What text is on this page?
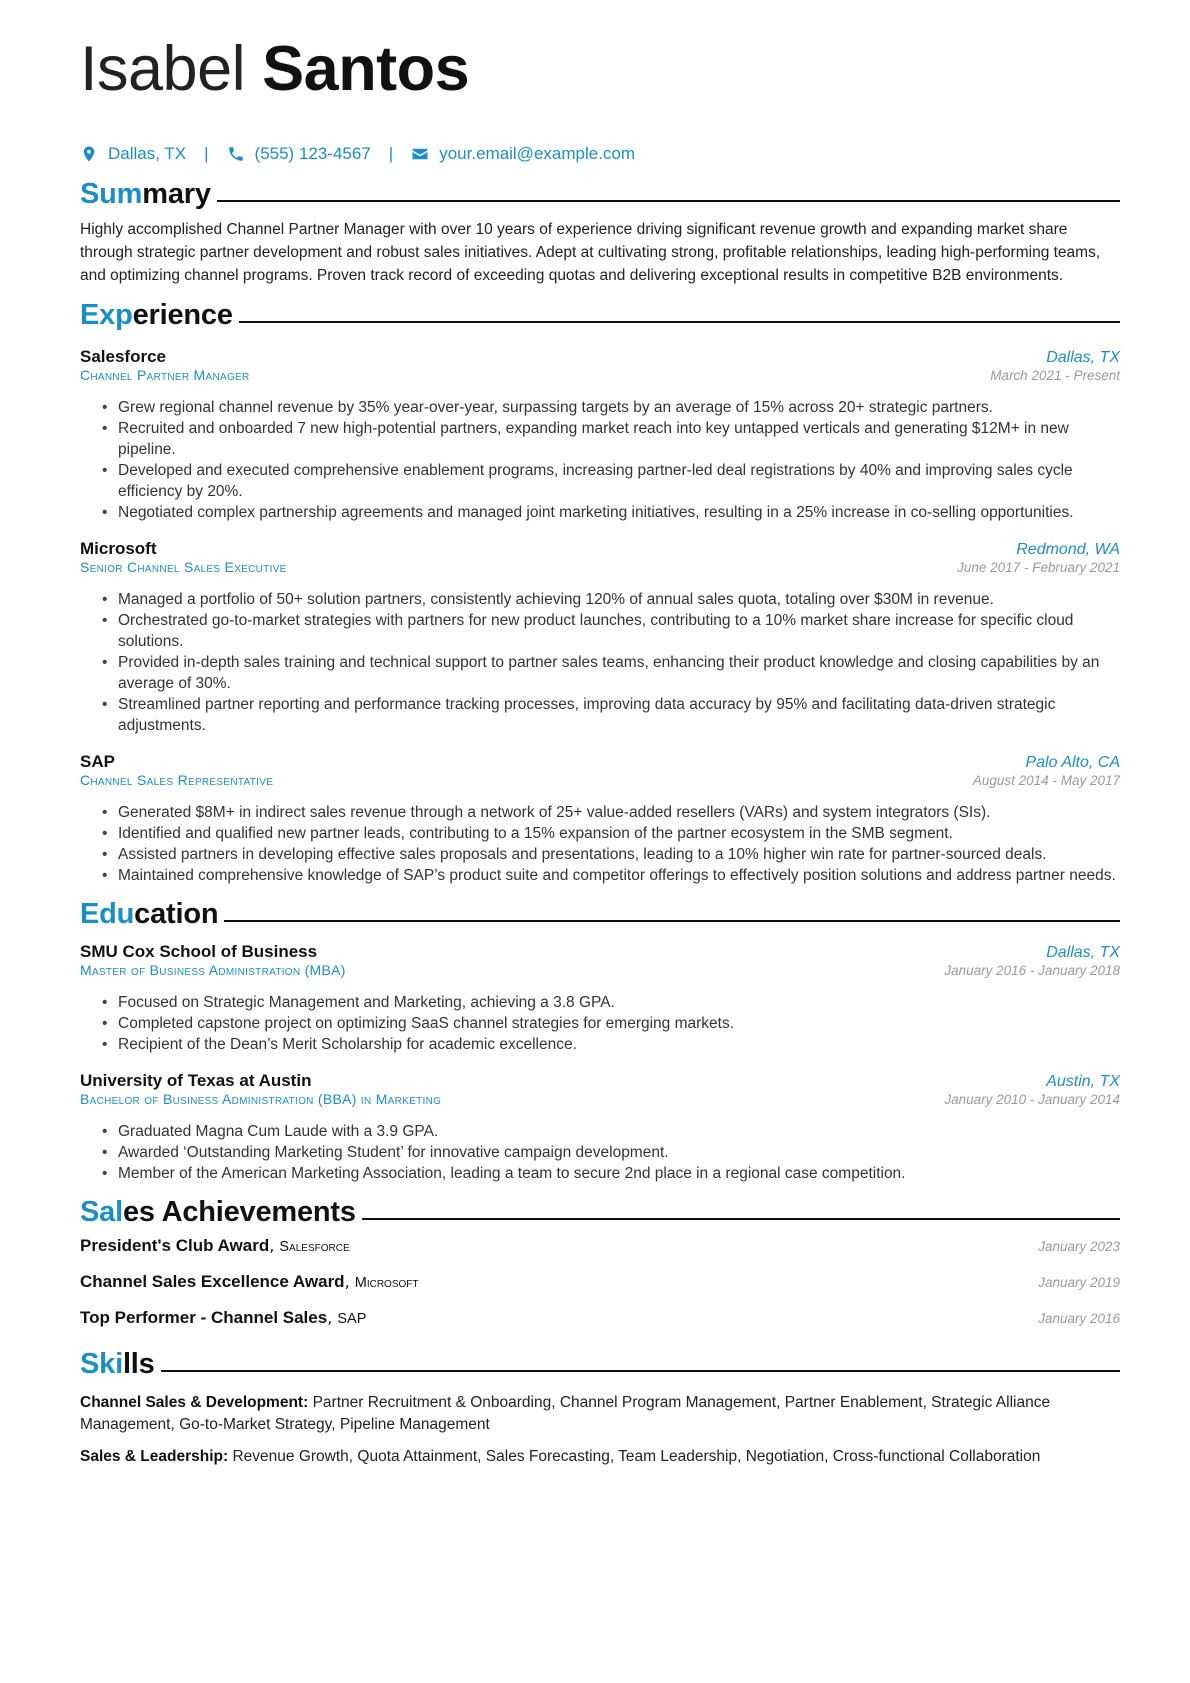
Isabel Santos
Dallas, TX |	(555) 123-4567 |	your.email@example.com
Summary

Highly accomplished Channel Partner Manager with over 10 years of experience driving significant revenue growth and expanding market share through strategic partner development and robust sales initiatives. Adept at cultivating strong, profitable relationships, leading high-performing teams, and optimizing channel programs. Proven track record of exceeding quotas and delivering exceptional results in competitive B2B environments.

Experience
Salesforce	Dallas, TX
Channel Partner Manager	March 2021 - Present
• Grew regional channel revenue by 35% year-over-year, surpassing targets by an average of 15% across 20+ strategic partners.
• Recruited and onboarded 7 new high-potential partners, expanding market reach into key untapped verticals and generating $12M+ in new pipeline.
• Developed and executed comprehensive enablement programs, increasing partner-led deal registrations by 40% and improving sales cycle efficiency by 20%.
• Negotiated complex partnership agreements and managed joint marketing initiatives, resulting in a 25% increase in co-selling opportunities.
Microsoft	Redmond, WA
Senior Channel Sales Executive	June 2017 - February 2021
• Managed a portfolio of 50+ solution partners, consistently achieving 120% of annual sales quota, totaling over $30M in revenue.
• Orchestrated go-to-market strategies with partners for new product launches, contributing to a 10% market share increase for specific cloud solutions.
• Provided in-depth sales training and technical support to partner sales teams, enhancing their product knowledge and closing capabilities by an average of 30%.
• Streamlined partner reporting and performance tracking processes, improving data accuracy by 95% and facilitating data-driven strategic adjustments.
SAP	Palo Alto, CA
Channel Sales Representative	August 2014 - May 2017
• Generated $8M+ in indirect sales revenue through a network of 25+ value-added resellers (VARs) and system integrators (SIs).
• Identified and qualified new partner leads, contributing to a 15% expansion of the partner ecosystem in the SMB segment.
• Assisted partners in developing effective sales proposals and presentations, leading to a 10% higher win rate for partner-sourced deals.
• Maintained comprehensive knowledge of SAP’s product suite and competitor offerings to effectively position solutions and address partner needs.
Education
SMU Cox School of Business	Dallas, TX
Master of Business Administration (MBA)	January 2016 - January 2018
• Focused on Strategic Management and Marketing, achieving a 3.8 GPA.
• Completed capstone project on optimizing SaaS channel strategies for emerging markets.
• Recipient of the Dean’s Merit Scholarship for academic excellence.
University of Texas at Austin	Austin, TX
Bachelor of Business Administration (BBA) in Marketing	January 2010 - January 2014
• Graduated Magna Cum Laude with a 3.9 GPA.
• Awarded ‘Outstanding Marketing Student’ for innovative campaign development.
• Member of the American Marketing Association, leading a team to secure 2nd place in a regional case competition.
Sales Achievements
President's Club Award, Salesforce	January 2023
Channel Sales Excellence Award, Microsoft	January 2019
Top Performer - Channel Sales, SAP	January 2016
Skills

Channel Sales & Development: Partner Recruitment & Onboarding, Channel Program Management, Partner Enablement, Strategic Alliance Management, Go-to-Market Strategy, Pipeline Management

Sales & Leadership: Revenue Growth, Quota Attainment, Sales Forecasting, Team Leadership, Negotiation, Cross-functional Collaboration
